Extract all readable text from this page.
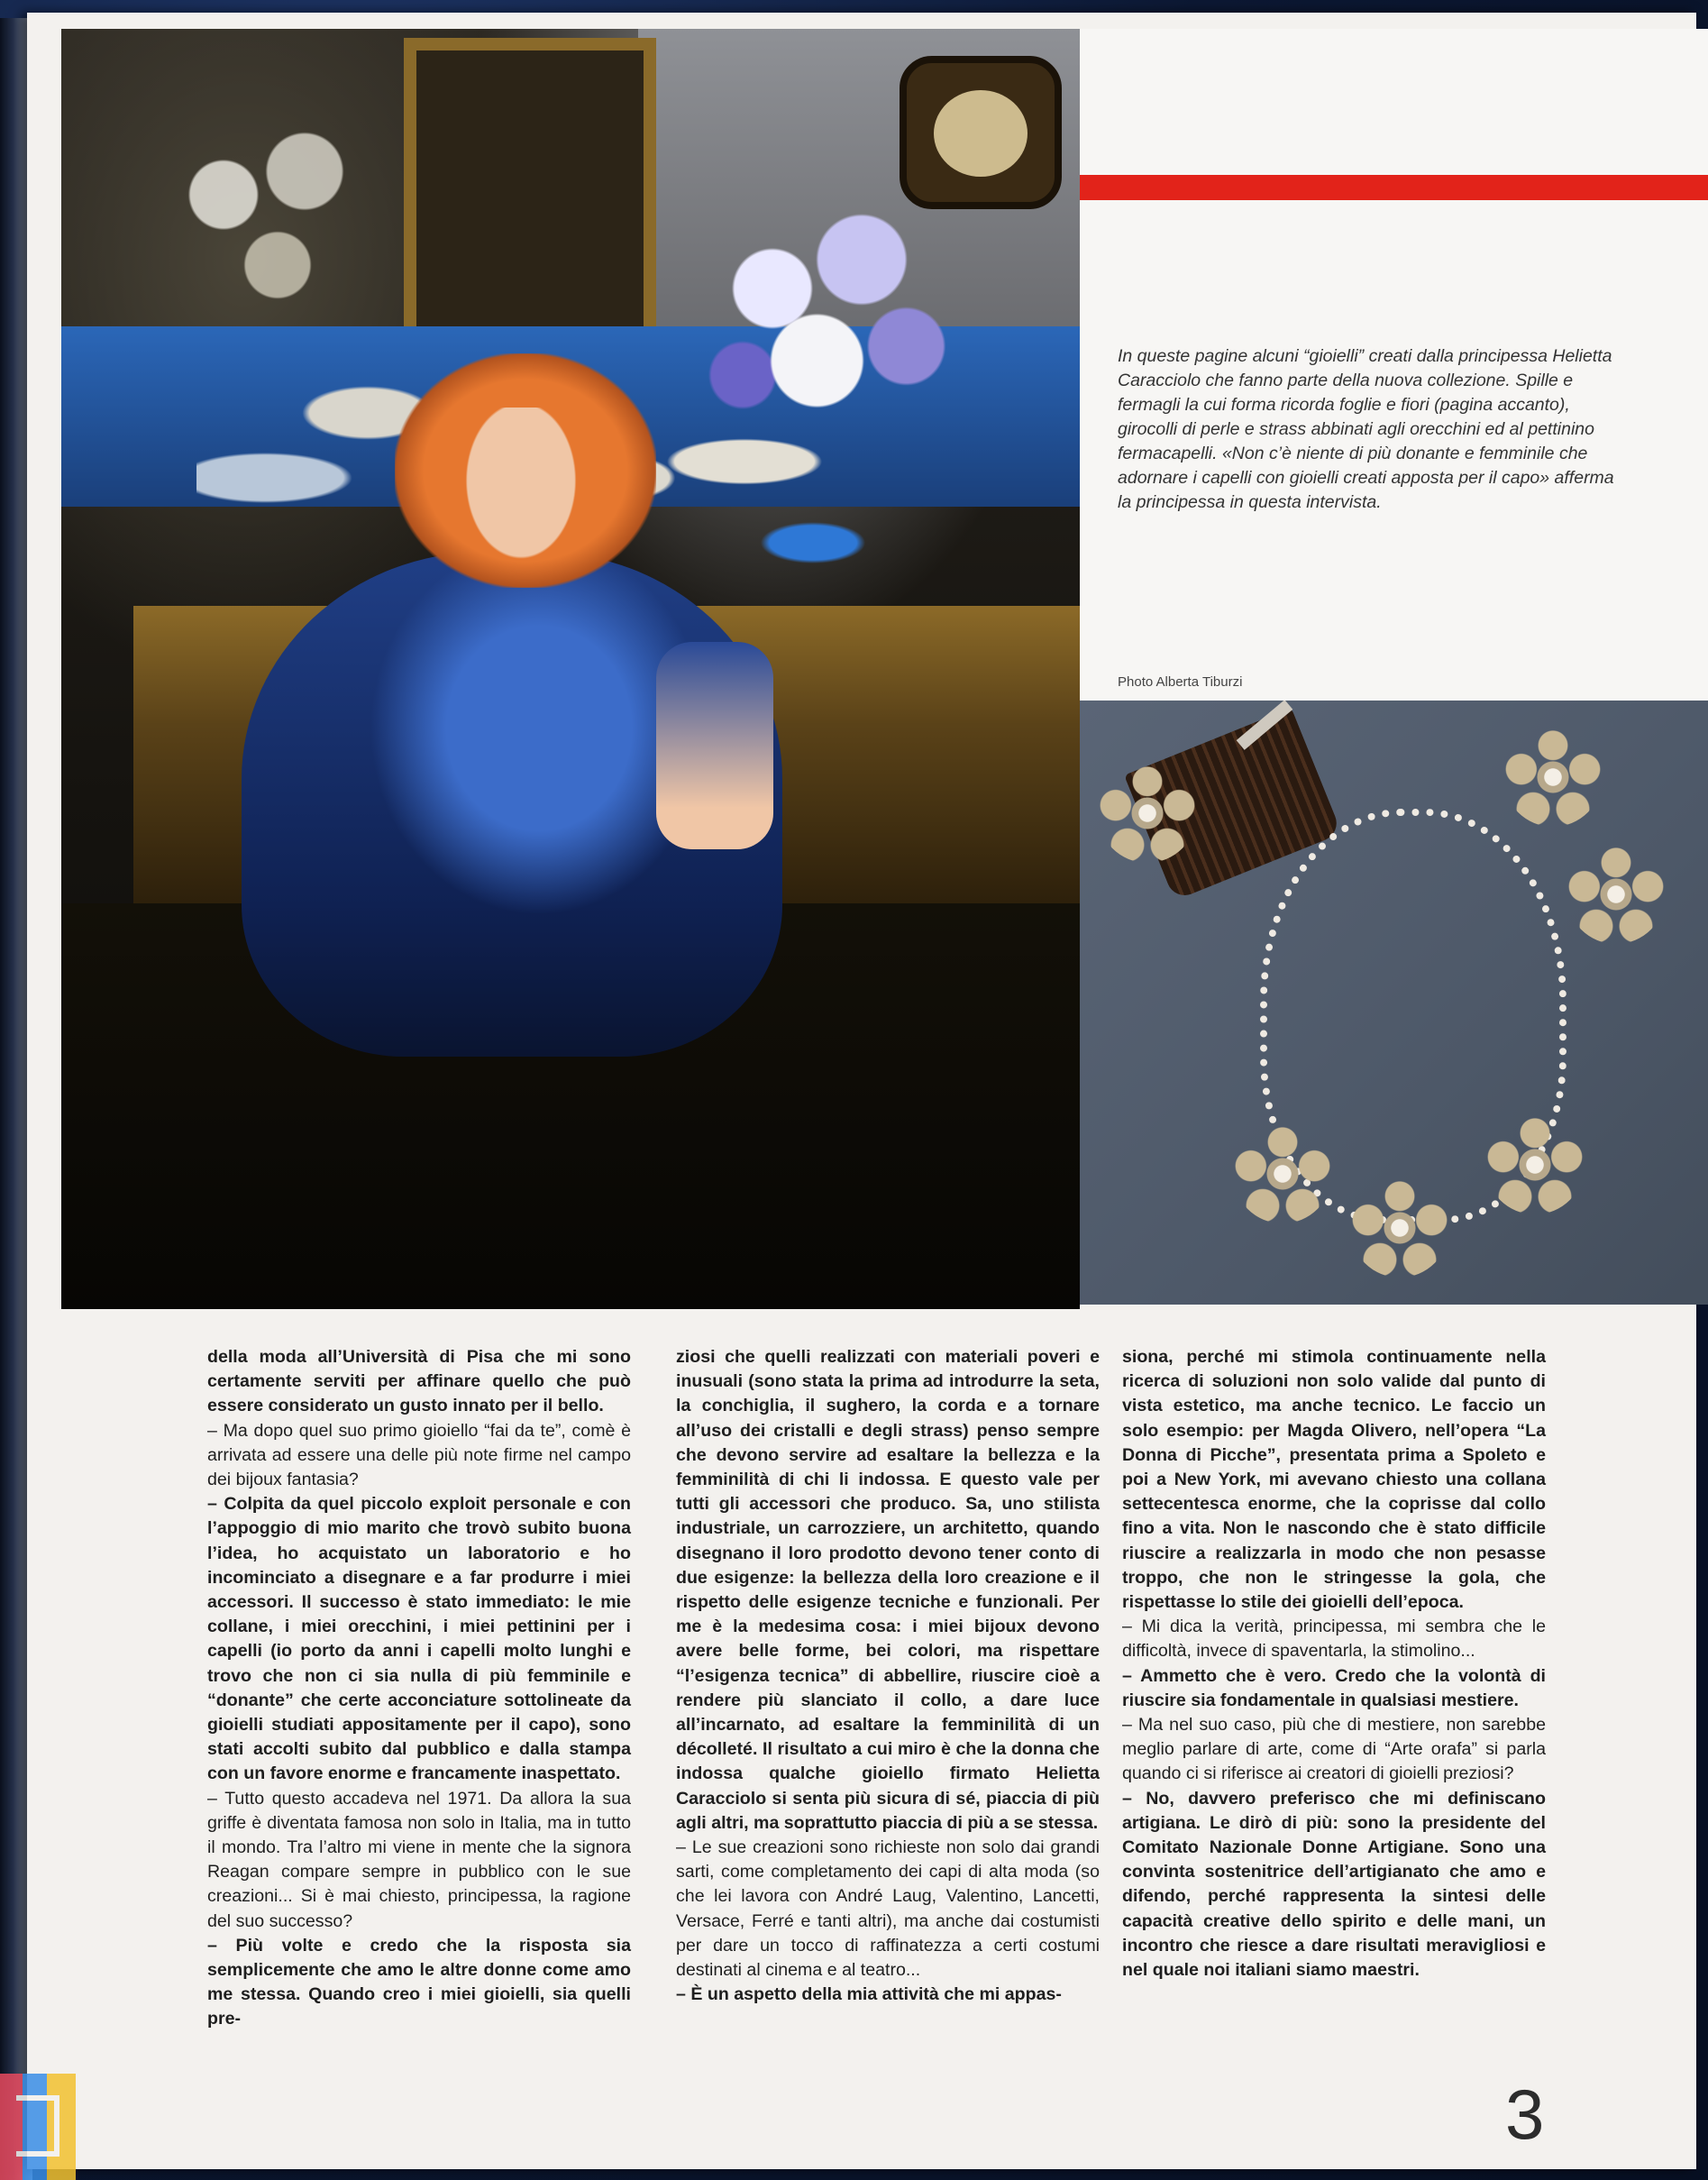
In queste pagine alcuni “gioielli” creati dalla principessa Helietta Caracciolo che fanno parte della nuova collezione. Spille e fermagli la cui forma ricorda foglie e fiori (pagina accanto), girocolli di perle e strass abbinati agli orecchini ed al pettinino fermacapelli. «Non c’è niente di più donante e femminile che adornare i capelli con gioielli creati apposta per il capo» afferma la principessa in questa intervista.
Photo Alberta Tiburzi

della moda all’Università di Pisa che mi sono certamente serviti per affinare quello che può essere considerato un gusto innato per il bello.

– Ma dopo quel suo primo gioiello “fai da te”, comè è arrivata ad essere una delle più note firme nel campo dei bijoux fantasia?

– Colpita da quel piccolo exploit personale e con l’appoggio di mio marito che trovò subito buona l’idea, ho acquistato un laboratorio e ho incominciato a disegnare e a far produrre i miei accessori. Il successo è stato immediato: le mie collane, i miei orecchini, i miei pettinini per i capelli (io porto da anni i capelli molto lunghi e trovo che non ci sia nulla di più femminile e “donante” che certe acconciature sottolineate da gioielli studiati appositamente per il capo), sono stati accolti subito dal pubblico e dalla stampa con un favore enorme e francamente inaspettato.

– Tutto questo accadeva nel 1971. Da allora la sua griffe è diventata famosa non solo in Italia, ma in tutto il mondo. Tra l’altro mi viene in mente che la signora Reagan compare sempre in pubblico con le sue creazioni... Si è mai chiesto, principessa, la ragione del suo successo?

– Più volte e credo che la risposta sia semplicemente che amo le altre donne come amo me stessa. Quando creo i miei gioielli, sia quelli pre-

ziosi che quelli realizzati con materiali poveri e inusuali (sono stata la prima ad introdurre la seta, la conchiglia, il sughero, la corda e a tornare all’uso dei cristalli e degli strass) penso sempre che devono servire ad esaltare la bellezza e la femminilità di chi li indossa. E questo vale per tutti gli accessori che produco. Sa, uno stilista industriale, un carrozziere, un architetto, quando disegnano il loro prodotto devono tener conto di due esigenze: la bellezza della loro creazione e il rispetto delle esigenze tecniche e funzionali. Per me è la medesima cosa: i miei bijoux devono avere belle forme, bei colori, ma rispettare “l’esigenza tecnica” di abbellire, riuscire cioè a rendere più slanciato il collo, a dare luce all’incarnato, ad esaltare la femminilità di un décolleté. Il risultato a cui miro è che la donna che indossa qualche gioiello firmato Helietta Caracciolo si senta più sicura di sé, piaccia di più agli altri, ma soprattutto piaccia di più a se stessa.

– Le sue creazioni sono richieste non solo dai grandi sarti, come completamento dei capi di alta moda (so che lei lavora con André Laug, Valentino, Lancetti, Versace, Ferré e tanti altri), ma anche dai costumisti per dare un tocco di raffinatezza a certi costumi destinati al cinema e al teatro...

– È un aspetto della mia attività che mi appas-

siona, perché mi stimola continuamente nella ricerca di soluzioni non solo valide dal punto di vista estetico, ma anche tecnico. Le faccio un solo esempio: per Magda Olivero, nell’opera “La Donna di Picche”, presentata prima a Spoleto e poi a New York, mi avevano chiesto una collana settecentesca enorme, che la coprisse dal collo fino a vita. Non le nascondo che è stato difficile riuscire a realizzarla in modo che non pesasse troppo, che non le stringesse la gola, che rispettasse lo stile dei gioielli dell’epoca.

– Mi dica la verità, principessa, mi sembra che le difficoltà, invece di spaventarla, la stimolino...

– Ammetto che è vero. Credo che la volontà di riuscire sia fondamentale in qualsiasi mestiere.

– Ma nel suo caso, più che di mestiere, non sarebbe meglio parlare di arte, come di “Arte orafa” si parla quando ci si riferisce ai creatori di gioielli preziosi?

– No, davvero preferisco che mi definiscano artigiana. Le dirò di più: sono la presidente del Comitato Nazionale Donne Artigiane. Sono una convinta sostenitrice dell’artigianato che amo e difendo, perché rappresenta la sintesi delle capacità creative dello spirito e delle mani, un incontro che riesce a dare risultati meravigliosi e nel quale noi italiani siamo maestri.

3
